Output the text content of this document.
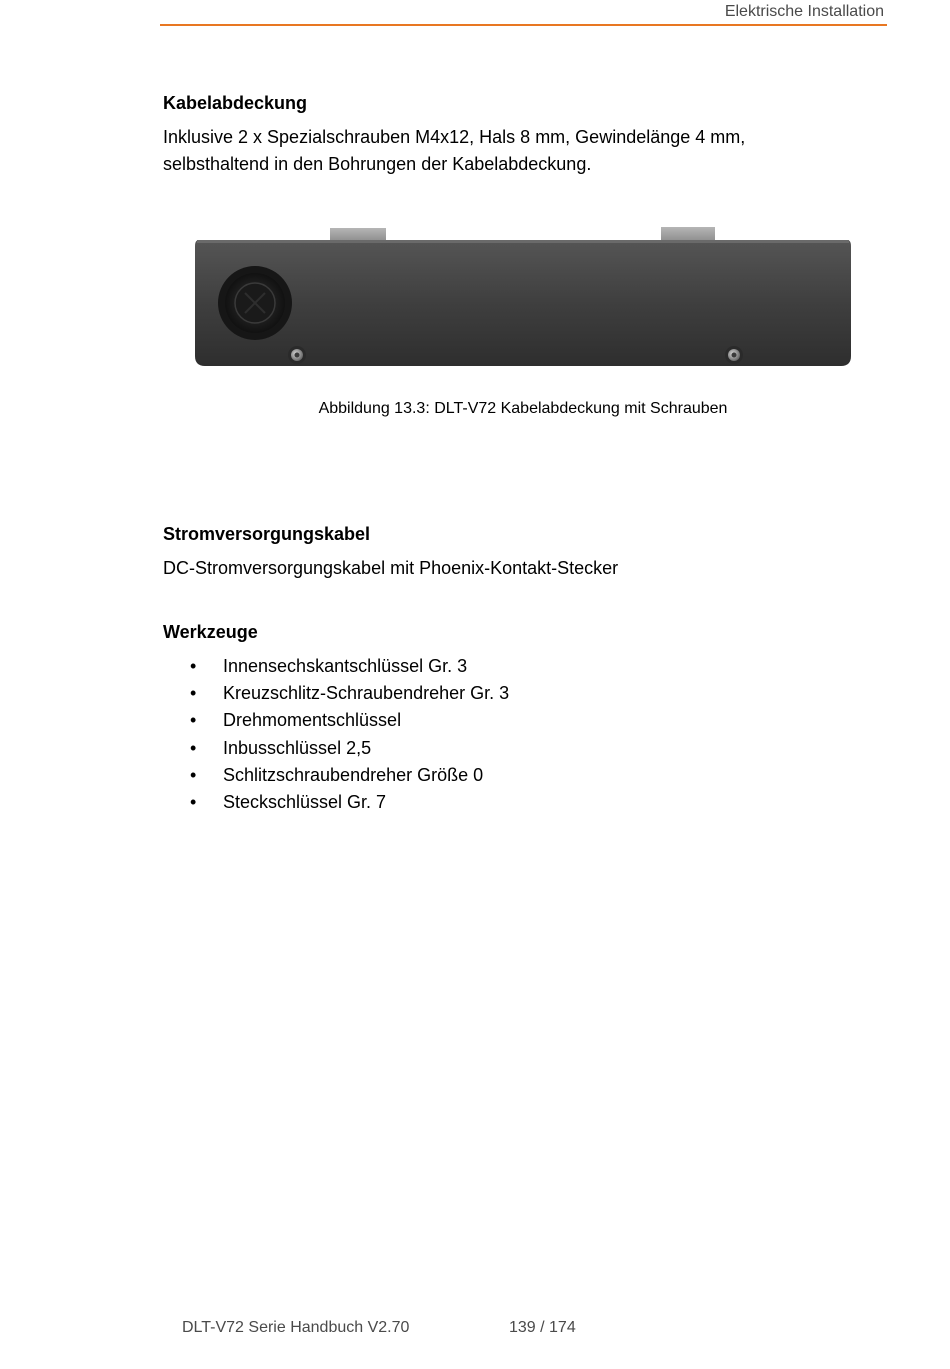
Elektrische Installation
Kabelabdeckung
Inklusive 2 x Spezialschrauben M4x12, Hals 8 mm, Gewindelänge 4 mm,
selbsthaltend in den Bohrungen der Kabelabdeckung.
Abbildung 13.3: DLT-V72 Kabelabdeckung mit Schrauben
Stromversorgungskabel
DC-Stromversorgungskabel mit Phoenix-Kontakt-Stecker
Werkzeuge
•	Innensechskantschlüssel Gr. 3
•	Kreuzschlitz-Schraubendreher Gr. 3
•	Drehmomentschlüssel
•	Inbusschlüssel 2,5
•	Schlitzschraubendreher Größe 0
•	Steckschlüssel Gr. 7
DLT-V72 Serie Handbuch V2.70	139 / 174
